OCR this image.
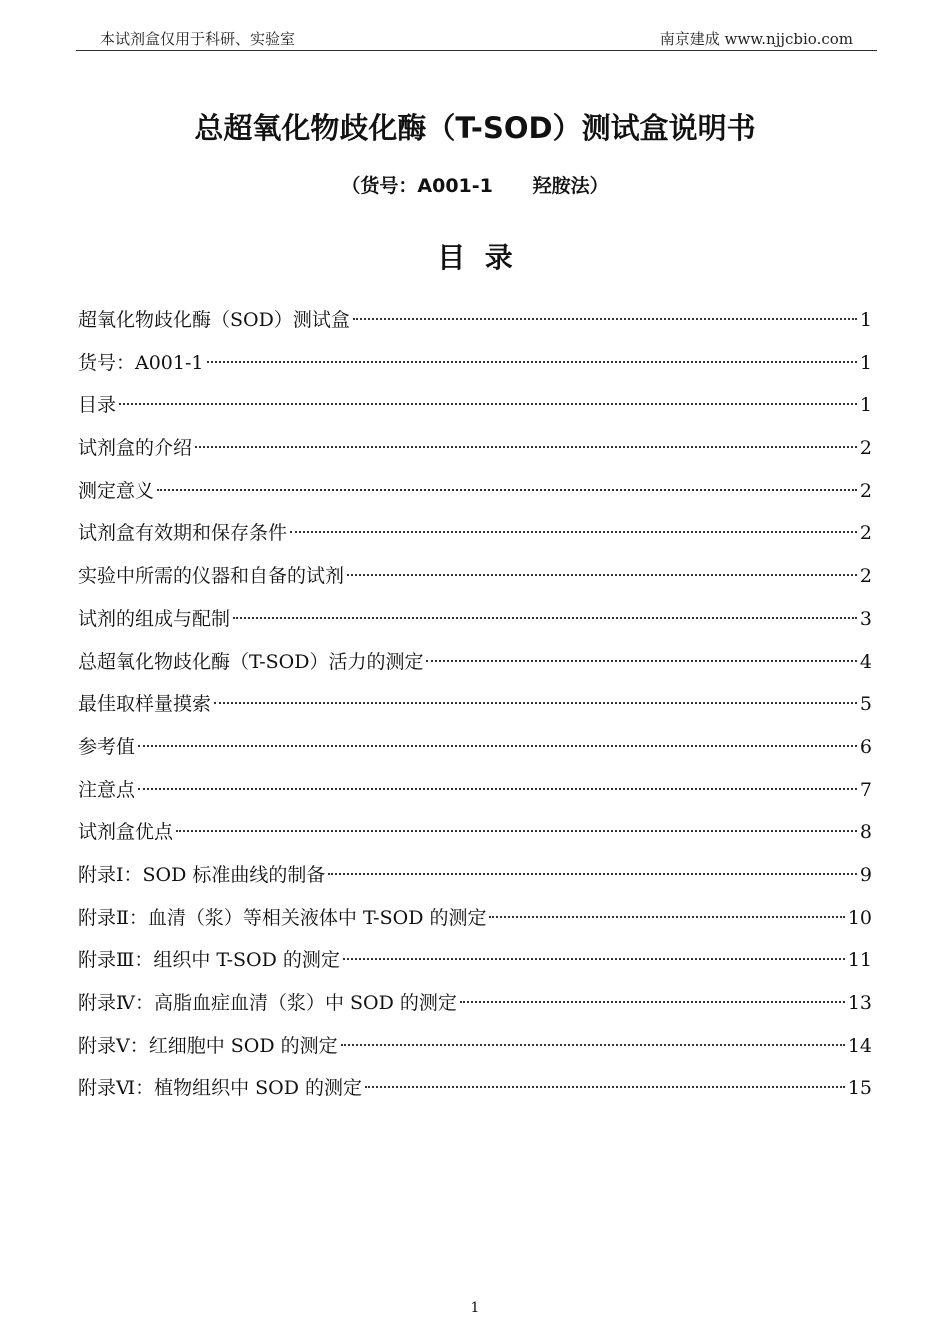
本试剂盒仅用于科研、实验室	南京建成 www.njjcbio.com
总超氧化物歧化酶（T-SOD）测试盒说明书
（货号：A001-1      羟胺法）
目  录
超氧化物歧化酶（SOD）测试盒	1
货号：A001-1	1
目录	1
试剂盒的介绍	2
测定意义	2
试剂盒有效期和保存条件	2
实验中所需的仪器和自备的试剂	2
试剂的组成与配制	3
总超氧化物歧化酶（T-SOD）活力的测定	4
最佳取样量摸索	5
参考值	6
注意点	7
试剂盒优点	8
附录Ⅰ：SOD 标准曲线的制备	9
附录Ⅱ：血清（浆）等相关液体中 T-SOD 的测定	10
附录Ⅲ：组织中 T-SOD 的测定	11
附录Ⅳ：高脂血症血清（浆）中 SOD 的测定	13
附录Ⅴ：红细胞中 SOD 的测定	14
附录Ⅵ：植物组织中 SOD 的测定	15
1
